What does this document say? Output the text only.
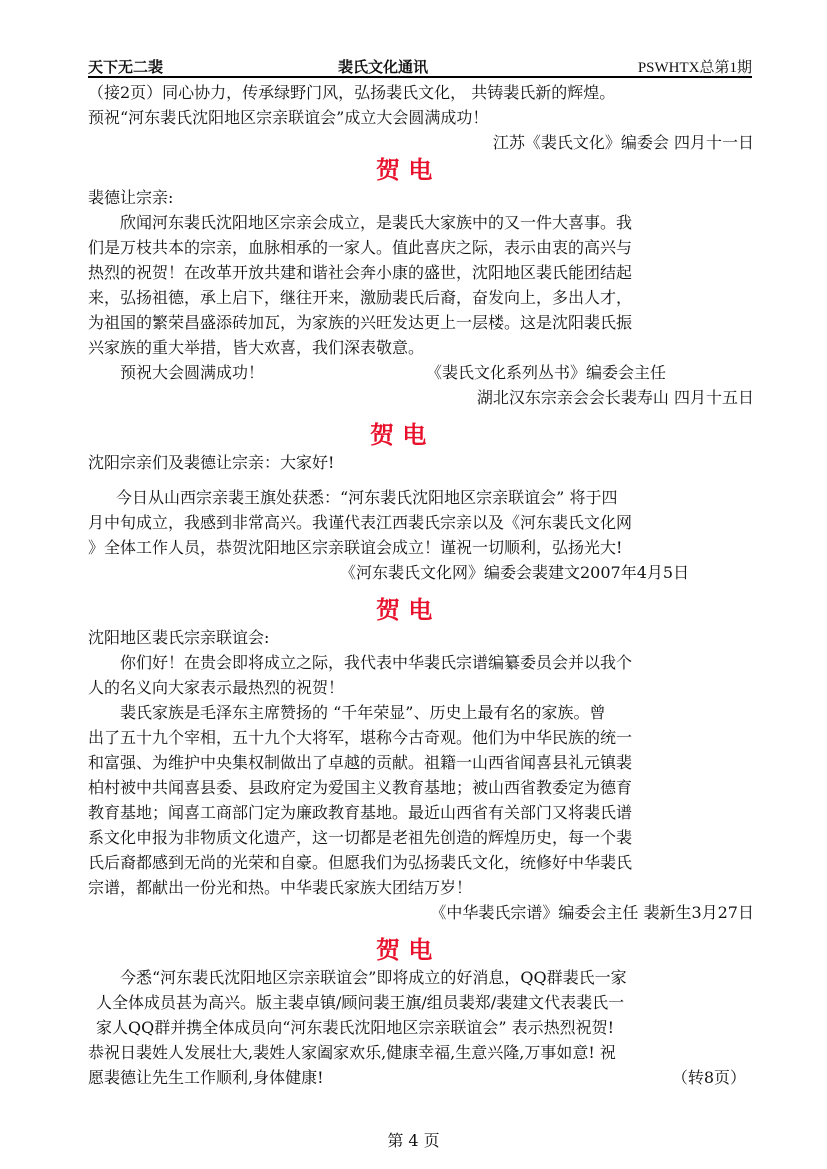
天下无二裴	裴氏文化通讯	PSWHTX总第1期
（接2页）同心协力，传承绿野门风，弘扬裴氏文化， 共铸裴氏新的辉煌。
预祝“河东裴氏沈阳地区宗亲联谊会”成立大会圆满成功！
江苏《裴氏文化》编委会 四月十一日
贺 电
裴德让宗亲:
欣闻河东裴氏沈阳地区宗亲会成立，是裴氏大家族中的又一件大喜事。我
们是万枝共本的宗亲，血脉相承的一家人。值此喜庆之际，表示由衷的高兴与
热烈的祝贺！在改革开放共建和谐社会奔小康的盛世，沈阳地区裴氏能团结起
来，弘扬祖德，承上启下，继往开来，激励裴氏后裔，奋发向上，多出人才，
为祖国的繁荣昌盛添砖加瓦，为家族的兴旺发达更上一层楼。这是沈阳裴氏振
兴家族的重大举措，皆大欢喜，我们深表敬意。
预祝大会圆满成功！	《裴氏文化系列丛书》编委会主任
湖北汉东宗亲会会长裴寿山 四月十五日
贺 电
沈阳宗亲们及裴德让宗亲：大家好!
今日从山西宗亲裴王旗处获悉：“河东裴氏沈阳地区宗亲联谊会” 将于四
月中旬成立，我感到非常高兴。我谨代表江西裴氏宗亲以及《河东裴氏文化网
》全体工作人员，恭贺沈阳地区宗亲联谊会成立！谨祝一切顺利，弘扬光大!
《河东裴氏文化网》编委会裴建文2007年4月5日
贺 电
沈阳地区裴氏宗亲联谊会:
你们好！在贵会即将成立之际，我代表中华裴氏宗谱编纂委员会并以我个
人的名义向大家表示最热烈的祝贺！
裴氏家族是毛泽东主席赞扬的 “千年荣显”、历史上最有名的家族。曾
出了五十九个宰相，五十九个大将军，堪称今古奇观。他们为中华民族的统一
和富强、为维护中央集权制做出了卓越的贡献。祖籍一山西省闻喜县礼元镇裴
柏村被中共闻喜县委、县政府定为爱国主义教育基地；被山西省教委定为德育
教育基地；闻喜工商部门定为廉政教育基地。最近山西省有关部门又将裴氏谱
系文化申报为非物质文化遗产，这一切都是老祖先创造的辉煌历史，每一个裴
氏后裔都感到无尚的光荣和自豪。但愿我们为弘扬裴氏文化，统修好中华裴氏
宗谱，都献出一份光和热。中华裴氏家族大团结万岁！
《中华裴氏宗谱》编委会主任 裴新生3月27日
贺 电
今悉“河东裴氏沈阳地区宗亲联谊会”即将成立的好消息，QQ群裴氏一家
人全体成员甚为高兴。版主裴卓镇/顾问裴王旗/组员裴郑/裴建文代表裴氏一
家人QQ群并携全体成员向“河东裴氏沈阳地区宗亲联谊会” 表示热烈祝贺!
恭祝日裴姓人发展壮大,裴姓人家阖家欢乐,健康幸福,生意兴隆,万事如意! 祝
愿裴德让先生工作顺利,身体健康!	（转8页）
第 4 页
